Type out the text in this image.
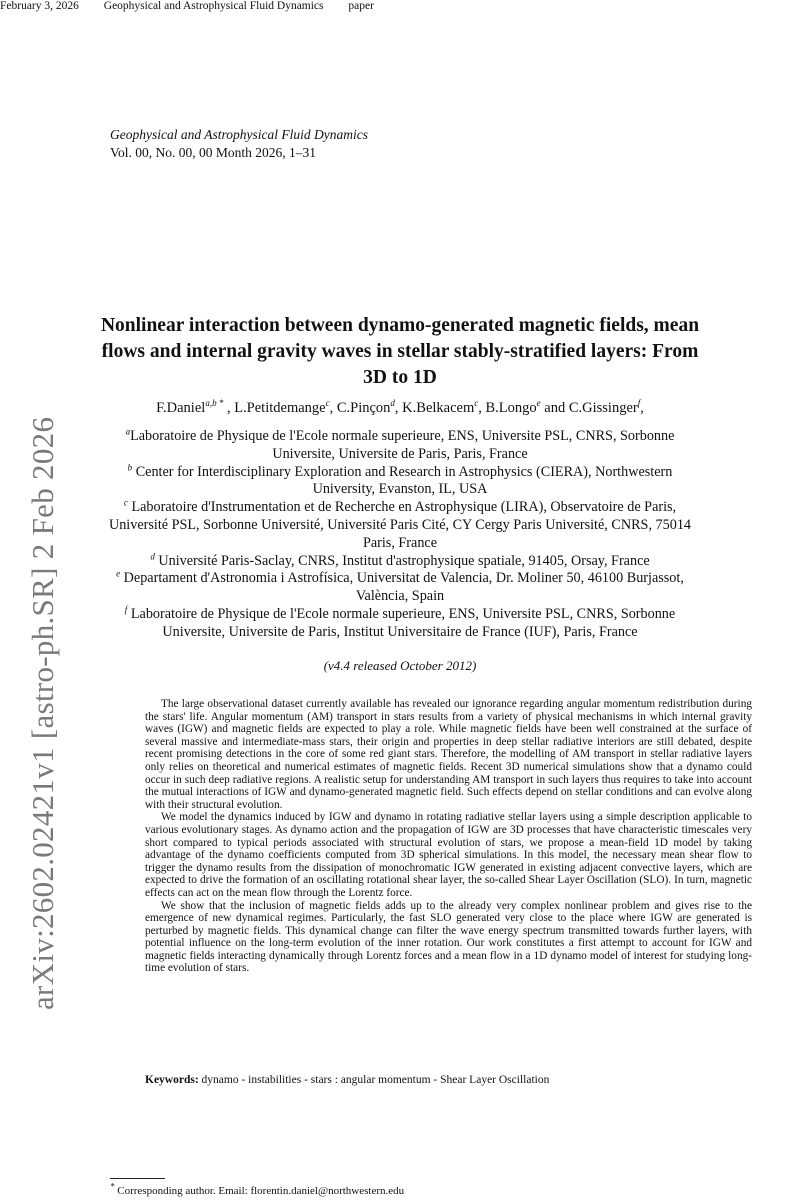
February 3, 2026 Geophysical and Astrophysical Fluid Dynamics paper
Geophysical and Astrophysical Fluid Dynamics
Vol. 00, No. 00, 00 Month 2026, 1–31
arXiv:2602.02421v1 [astro-ph.SR] 2 Feb 2026
Nonlinear interaction between dynamo-generated magnetic fields, mean flows and internal gravity waves in stellar stably-stratified layers: From 3D to 1D
F.Daniel$^{a,b *}$ , L.Petitdemange$^c$, C.Pinçon$^d$, K.Belkacem$^c$, B.Longo$^e$ and C.Gissinger$^f$,
$^a$Laboratoire de Physique de l'Ecole normale superieure, ENS, Universite PSL, CNRS, Sorbonne Universite, Universite de Paris, Paris, France
$^b$ Center for Interdisciplinary Exploration and Research in Astrophysics (CIERA), Northwestern University, Evanston, IL, USA
$^c$ Laboratoire d'Instrumentation et de Recherche en Astrophysique (LIRA), Observatoire de Paris, Université PSL, Sorbonne Université, Université Paris Cité, CY Cergy Paris Université, CNRS, 75014 Paris, France
$^d$ Université Paris-Saclay, CNRS, Institut d'astrophysique spatiale, 91405, Orsay, France
$^e$ Departament d'Astronomia i Astrofísica, Universitat de Valencia, Dr. Moliner 50, 46100 Burjassot, València, Spain
$^f$ Laboratoire de Physique de l'Ecole normale superieure, ENS, Universite PSL, CNRS, Sorbonne Universite, Universite de Paris, Institut Universitaire de France (IUF), Paris, France
(v4.4 released October 2012)

The large observational dataset currently available has revealed our ignorance regarding angular momentum redistribution during the stars' life. Angular momentum (AM) transport in stars results from a variety of physical mechanisms in which internal gravity waves (IGW) and magnetic fields are expected to play a role. While magnetic fields have been well constrained at the surface of several massive and intermediate-mass stars, their origin and properties in deep stellar radiative interiors are still debated, despite recent promising detections in the core of some red giant stars. Therefore, the modelling of AM transport in stellar radiative layers only relies on theoretical and numerical estimates of magnetic fields. Recent 3D numerical simulations show that a dynamo could occur in such deep radiative regions. A realistic setup for understanding AM transport in such layers thus requires to take into account the mutual interactions of IGW and dynamo-generated magnetic field. Such effects depend on stellar conditions and can evolve along with their structural evolution.

We model the dynamics induced by IGW and dynamo in rotating radiative stellar layers using a simple description applicable to various evolutionary stages. As dynamo action and the propagation of IGW are 3D processes that have characteristic timescales very short compared to typical periods associated with structural evolution of stars, we propose a mean-field 1D model by taking advantage of the dynamo coefficients computed from 3D spherical simulations. In this model, the necessary mean shear flow to trigger the dynamo results from the dissipation of monochromatic IGW generated in existing adjacent convective layers, which are expected to drive the formation of an oscillating rotational shear layer, the so-called Shear Layer Oscillation (SLO). In turn, magnetic effects can act on the mean flow through the Lorentz force.

We show that the inclusion of magnetic fields adds up to the already very complex nonlinear problem and gives rise to the emergence of new dynamical regimes. Particularly, the fast SLO generated very close to the place where IGW are generated is perturbed by magnetic fields. This dynamical change can filter the wave energy spectrum transmitted towards further layers, with potential influence on the long-term evolution of the inner rotation. Our work constitutes a first attempt to account for IGW and magnetic fields interacting dynamically through Lorentz forces and a mean flow in a 1D dynamo model of interest for studying long-time evolution of stars.

Keywords: dynamo - instabilities - stars : angular momentum - Shear Layer Oscillation
* Corresponding author. Email: florentin.daniel@northwestern.edu
